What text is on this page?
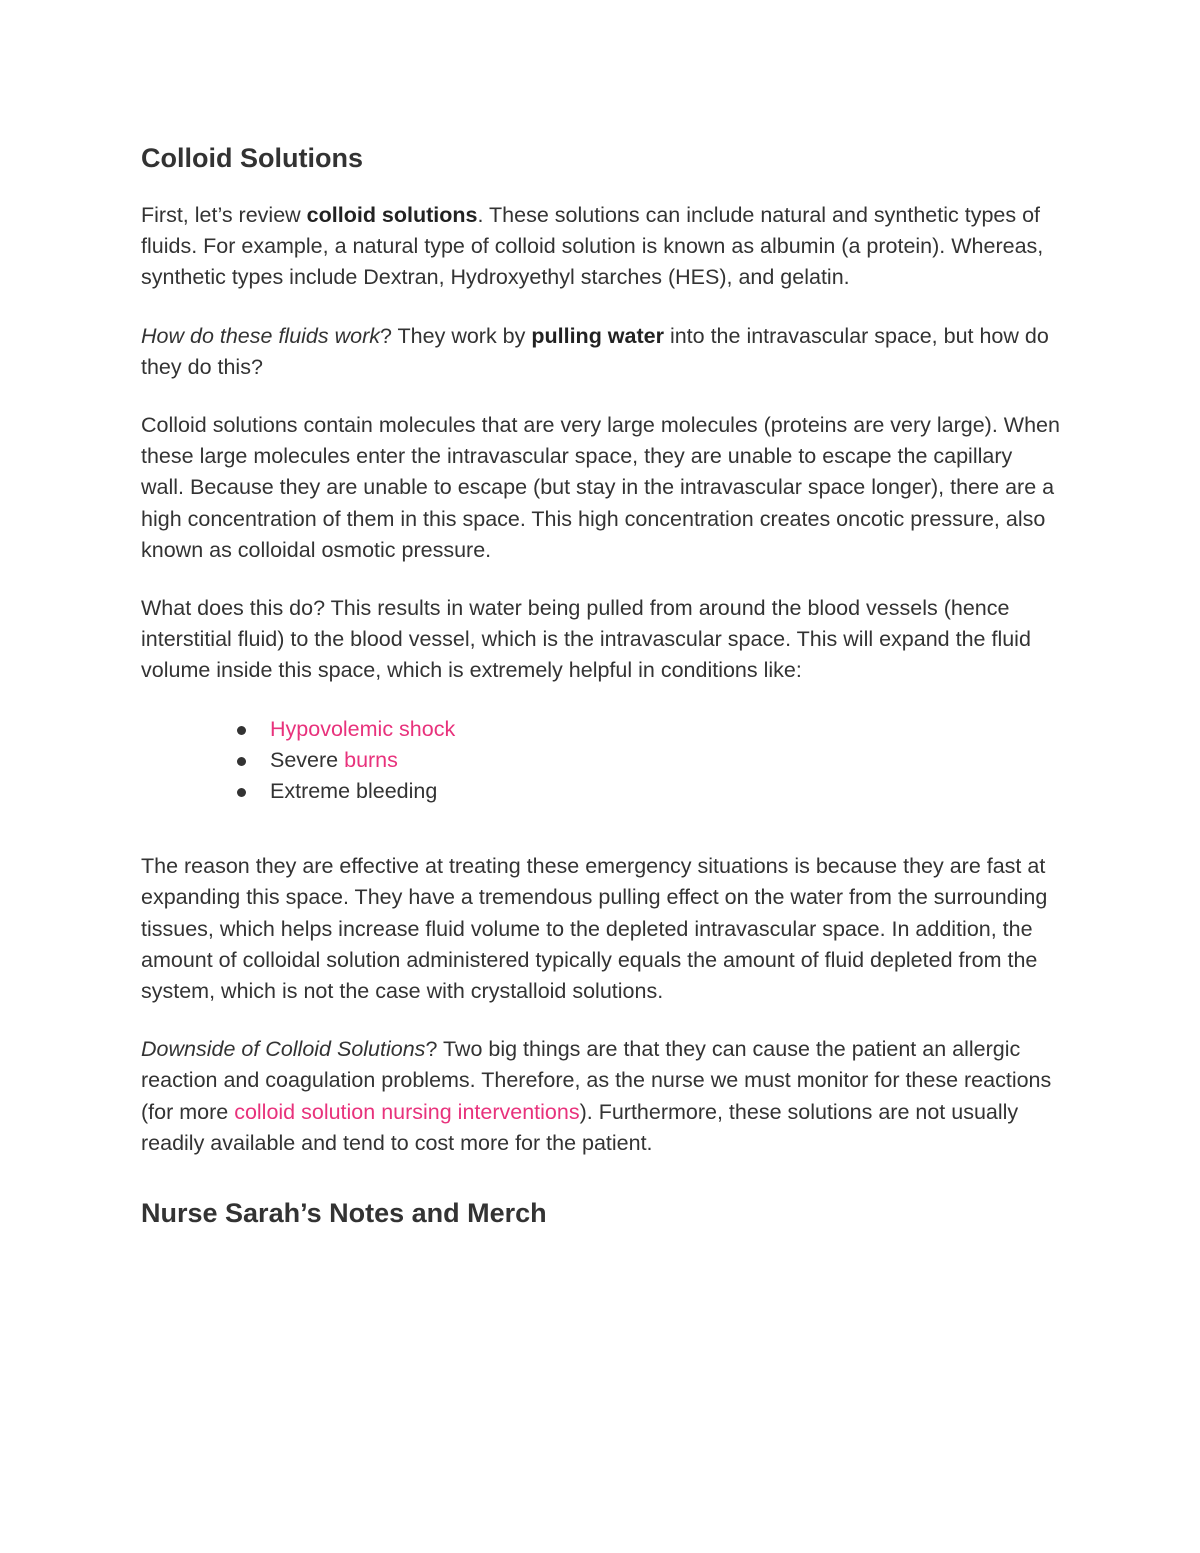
Colloid Solutions

First, let’s review colloid solutions. These solutions can include natural and synthetic types of fluids. For example, a natural type of colloid solution is known as albumin (a protein). Whereas, synthetic types include Dextran, Hydroxyethyl starches (HES), and gelatin.

How do these fluids work? They work by pulling water into the intravascular space, but how do they do this?

Colloid solutions contain molecules that are very large molecules (proteins are very large). When these large molecules enter the intravascular space, they are unable to escape the capillary wall. Because they are unable to escape (but stay in the intravascular space longer), there are a high concentration of them in this space. This high concentration creates oncotic pressure, also known as colloidal osmotic pressure.

What does this do? This results in water being pulled from around the blood vessels (hence interstitial fluid) to the blood vessel, which is the intravascular space. This will expand the fluid volume inside this space, which is extremely helpful in conditions like:

Hypovolemic shock
Severe burns
Extreme bleeding

The reason they are effective at treating these emergency situations is because they are fast at expanding this space. They have a tremendous pulling effect on the water from the surrounding tissues, which helps increase fluid volume to the depleted intravascular space. In addition, the amount of colloidal solution administered typically equals the amount of fluid depleted from the system, which is not the case with crystalloid solutions.

Downside of Colloid Solutions? Two big things are that they can cause the patient an allergic reaction and coagulation problems. Therefore, as the nurse we must monitor for these reactions (for more colloid solution nursing interventions). Furthermore, these solutions are not usually readily available and tend to cost more for the patient.

Nurse Sarah’s Notes and Merch
